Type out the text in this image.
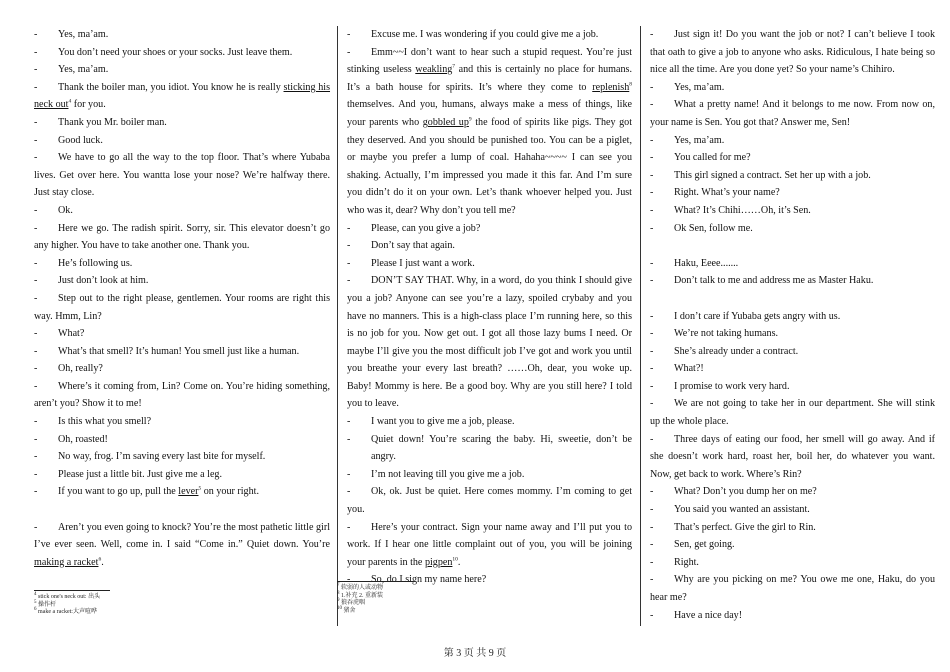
- Yes, ma’am.

- You don’t need your shoes or your socks. Just leave them.

- Yes, ma’am.

- Thank the boiler man, you idiot. You know he is really sticking his neck out$^4$ for you.

- Thank you Mr. boiler man.

- Good luck.

- We have to go all the way to the top floor. That’s where Yubaba lives. Get over here. You wantta lose your nose? We’re halfway there. Just stay close.

- Ok.

- Here we go. The radish spirit. Sorry, sir. This elevator doesn’t go any higher. You have to take another one. Thank you.

- He’s following us.

- Just don’t look at him.

- Step out to the right please, gentlemen. Your rooms are right this way. Hmm, Lin?

- What?

- What’s that smell? It’s human! You smell just like a human.

- Oh, really?

- Where’s it coming from, Lin? Come on. You’re hiding something, aren’t you? Show it to me!

- Is this what you smell?

- Oh, roasted!

- No way, frog. I’m saving every last bite for myself.

- Please just a little bit. Just give me a leg.

- If you want to go up, pull the lever$^5$ on your right.

- Aren’t you even going to knock? You’re the most pathetic little girl I’ve ever seen. Well, come in. I said “Come in.” Quiet down. You’re making a racket$^6$.

$^4$ stick one's neck out: 出头

$^5$ 操作杆

$^6$ make a racket:大声喧哗

- Excuse me. I was wondering if you could give me a job.

- Emm~~I don’t want to hear such a stupid request. You’re just stinking useless weakling$^7$ and this is certainly no place for humans. It’s a bath house for spirits. It’s where they come to replenish$^8$ themselves. And you, humans, always make a mess of things, like your parents who gobbled $up^9$ the food of spirits like pigs. They got they deserved. And you should be punished too. You can be a piglet, or maybe you prefer a lump of coal. Hahaha~~~~ I can see you shaking. Actually, I’m impressed you made it this far. And I’m sure you didn’t do it on your own. Let’s thank whoever helped you. Just who was it, dear? Why don’t you tell me?

- Please, can you give a job?

- Don’t say that again.

- Please I just want a work.

- DON’T SAY THAT. Why, in a word, do you think I should give you a job? Anyone can see you’re a lazy, spoiled crybaby and you have no manners. This is a high-class place I’m running here, so this is no job for you. Now get out. I got all those lazy bums I need. Or maybe I’ll give you the most difficult job I’ve got and work you until you breathe your every last breath? ……Oh, dear, you woke up. Baby! Mommy is here. Be a good boy. Why are you still here? I told you to leave.

- I want you to give me a job, please.

- Quiet down! You’re scaring the baby. Hi, sweetie, don’t be angry.

- I’m not leaving till you give me a job.

- Ok, ok. Just be quiet. Here comes mommy. I’m coming to get you.

- Here’s your contract. Sign your name away and I’ll put you to work. If I hear one little complaint out of you, you will be joining your parents in the pigpen$^{10}$.

- So, do I sign my name here?

$^7$ 软弱的人或动物

$^8$ 1.补充 2. 重新装

$^9$ 狼吞虎咽

$^{10}$ 猪舍

- Just sign it! Do you want the job or not? I can’t believe I took that oath to give a job to anyone who asks. Ridiculous, I hate being so nice all the time. Are you done yet? So your name’s Chihiro.

- Yes, ma’am.

- What a pretty name! And it belongs to me now. From now on, your name is Sen. You got that? Answer me, Sen!

- Yes, ma’am.

- You called for me?

- This girl signed a contract. Set her up with a job.

- Right. What’s your name?

- What? It’s Chihi……Oh, it’s Sen.

- Ok Sen, follow me.

- Haku, Eeee.......

- Don’t talk to me and address me as Master Haku.

- I don’t care if Yubaba gets angry with us.

- We’re not taking humans.

- She’s already under a contract.

- What?!

- I promise to work very hard.

- We are not going to take her in our department. She will stink up the whole place.

- Three days of eating our food, her smell will go away. And if she doesn’t work hard, roast her, boil her, do whatever you want. Now, get back to work. Where’s Rin?

- What? Don’t you dump her on me?

- You said you wanted an assistant.

- That’s perfect. Give the girl to Rin.

- Sen, get going.

- Right.

- Why are you picking on me? You owe me one, Haku, do you hear me?

- Have a nice day!

第 3 页 共 9 页
